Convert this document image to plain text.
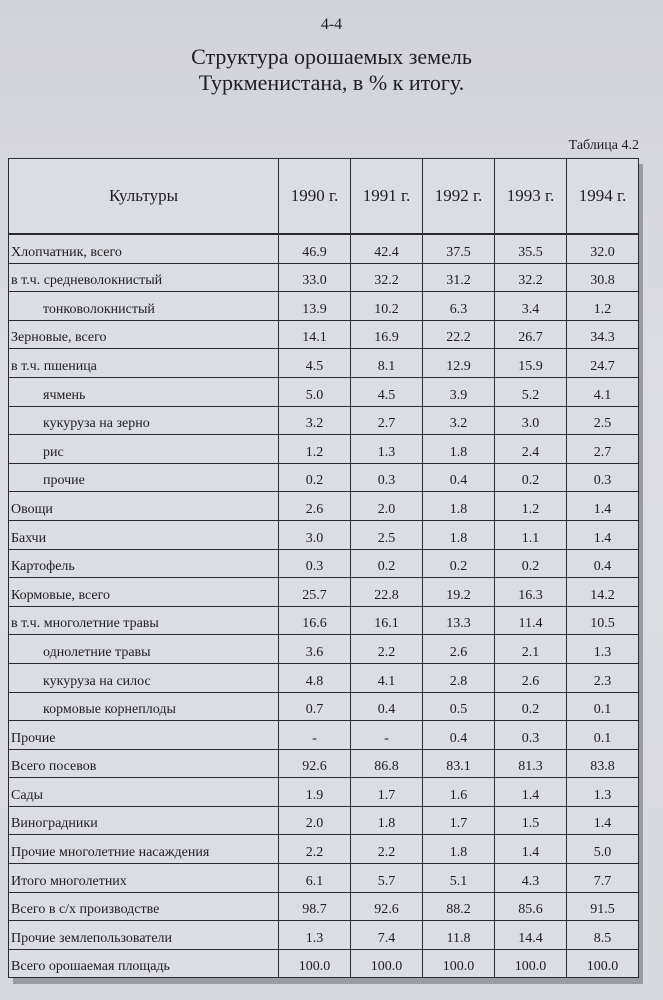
4-4
Структура орошаемых земель
Туркменистана, в % к итогу.
Таблица 4.2
Культуры	1990 г.	1991 г.	1992 г.	1993 г.	1994 г.
Хлопчатник, всего	46.9	42.4	37.5	35.5	32.0
в т.ч. средневолокнистый	33.0	32.2	31.2	32.2	30.8
тонковолокнистый	13.9	10.2	6.3	3.4	1.2
Зерновые, всего	14.1	16.9	22.2	26.7	34.3
в т.ч. пшеница	4.5	8.1	12.9	15.9	24.7
ячмень	5.0	4.5	3.9	5.2	4.1
кукуруза на зерно	3.2	2.7	3.2	3.0	2.5
рис	1.2	1.3	1.8	2.4	2.7
прочие	0.2	0.3	0.4	0.2	0.3
Овощи	2.6	2.0	1.8	1.2	1.4
Бахчи	3.0	2.5	1.8	1.1	1.4
Картофель	0.3	0.2	0.2	0.2	0.4
Кормовые, всего	25.7	22.8	19.2	16.3	14.2
в т.ч. многолетние травы	16.6	16.1	13.3	11.4	10.5
однолетние травы	3.6	2.2	2.6	2.1	1.3
кукуруза на силос	4.8	4.1	2.8	2.6	2.3
кормовые корнеплоды	0.7	0.4	0.5	0.2	0.1
Прочие	-	-	0.4	0.3	0.1
Всего посевов	92.6	86.8	83.1	81.3	83.8
Сады	1.9	1.7	1.6	1.4	1.3
Виноградники	2.0	1.8	1.7	1.5	1.4
Прочие многолетние насаждения	2.2	2.2	1.8	1.4	5.0
Итого многолетних	6.1	5.7	5.1	4.3	7.7
Всего в с/х производстве	98.7	92.6	88.2	85.6	91.5
Прочие землепользователи	1.3	7.4	11.8	14.4	8.5
Всего орошаемая площадь	100.0	100.0	100.0	100.0	100.0
